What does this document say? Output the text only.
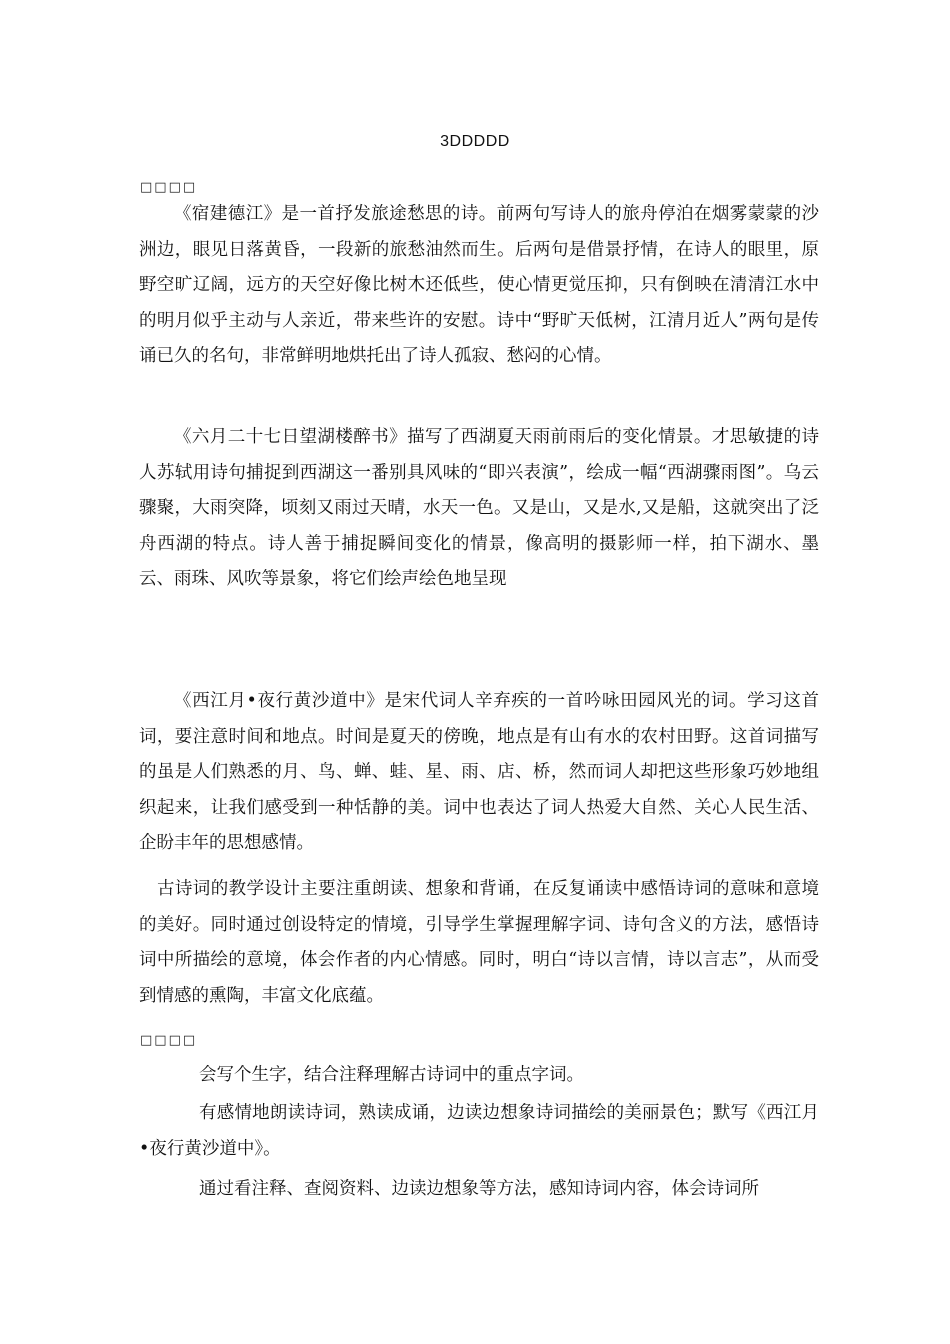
3DDDDD
□□□□

《宿建德江》是一首抒发旅途愁思的诗。前两句写诗人的旅舟停泊在烟雾蒙蒙的沙洲边，眼见日落黄昏，一段新的旅愁油然而生。后两句是借景抒情，在诗人的眼里，原野空旷辽阔，远方的天空好像比树木还低些，使心情更觉压抑，只有倒映在清清江水中的明月似乎主动与人亲近，带来些许的安慰。诗中“野旷天低树，江清月近人”两句是传诵已久的名句，非常鲜明地烘托出了诗人孤寂、愁闷的心情。

《六月二十七日望湖楼醉书》描写了西湖夏天雨前雨后的变化情景。才思敏捷的诗人苏轼用诗句捕捉到西湖这一番别具风味的“即兴表演”，绘成一幅“西湖骤雨图”。乌云骤聚，大雨突降，顷刻又雨过天晴，水天一色。又是山，又是水,又是船，这就突出了泛舟西湖的特点。诗人善于捕捉瞬间变化的情景，像高明的摄影师一样，拍下湖水、墨云、雨珠、风吹等景象，将它们绘声绘色地呈现

《西江月•夜行黄沙道中》是宋代词人辛弃疾的一首吟咏田园风光的词。学习这首词，要注意时间和地点。时间是夏天的傍晚，地点是有山有水的农村田野。这首词描写的虽是人们熟悉的月、鸟、蝉、蛙、星、雨、店、桥，然而词人却把这些形象巧妙地组织起来，让我们感受到一种恬静的美。词中也表达了词人热爱大自然、关心人民生活、企盼丰年的思想感情。

古诗词的教学设计主要注重朗读、想象和背诵，在反复诵读中感悟诗词的意味和意境的美好。同时通过创设特定的情境，引导学生掌握理解字词、诗句含义的方法，感悟诗词中所描绘的意境，体会作者的内心情感。同时，明白“诗以言情，诗以言志”，从而受到情感的熏陶，丰富文化底蕴。

□□□□

会写个生字，结合注释理解古诗词中的重点字词。

有感情地朗读诗词，熟读成诵，边读边想象诗词描绘的美丽景色；默写《西江月•夜行黄沙道中》。

通过看注释、查阅资料、边读边想象等方法，感知诗词内容，体会诗词所
